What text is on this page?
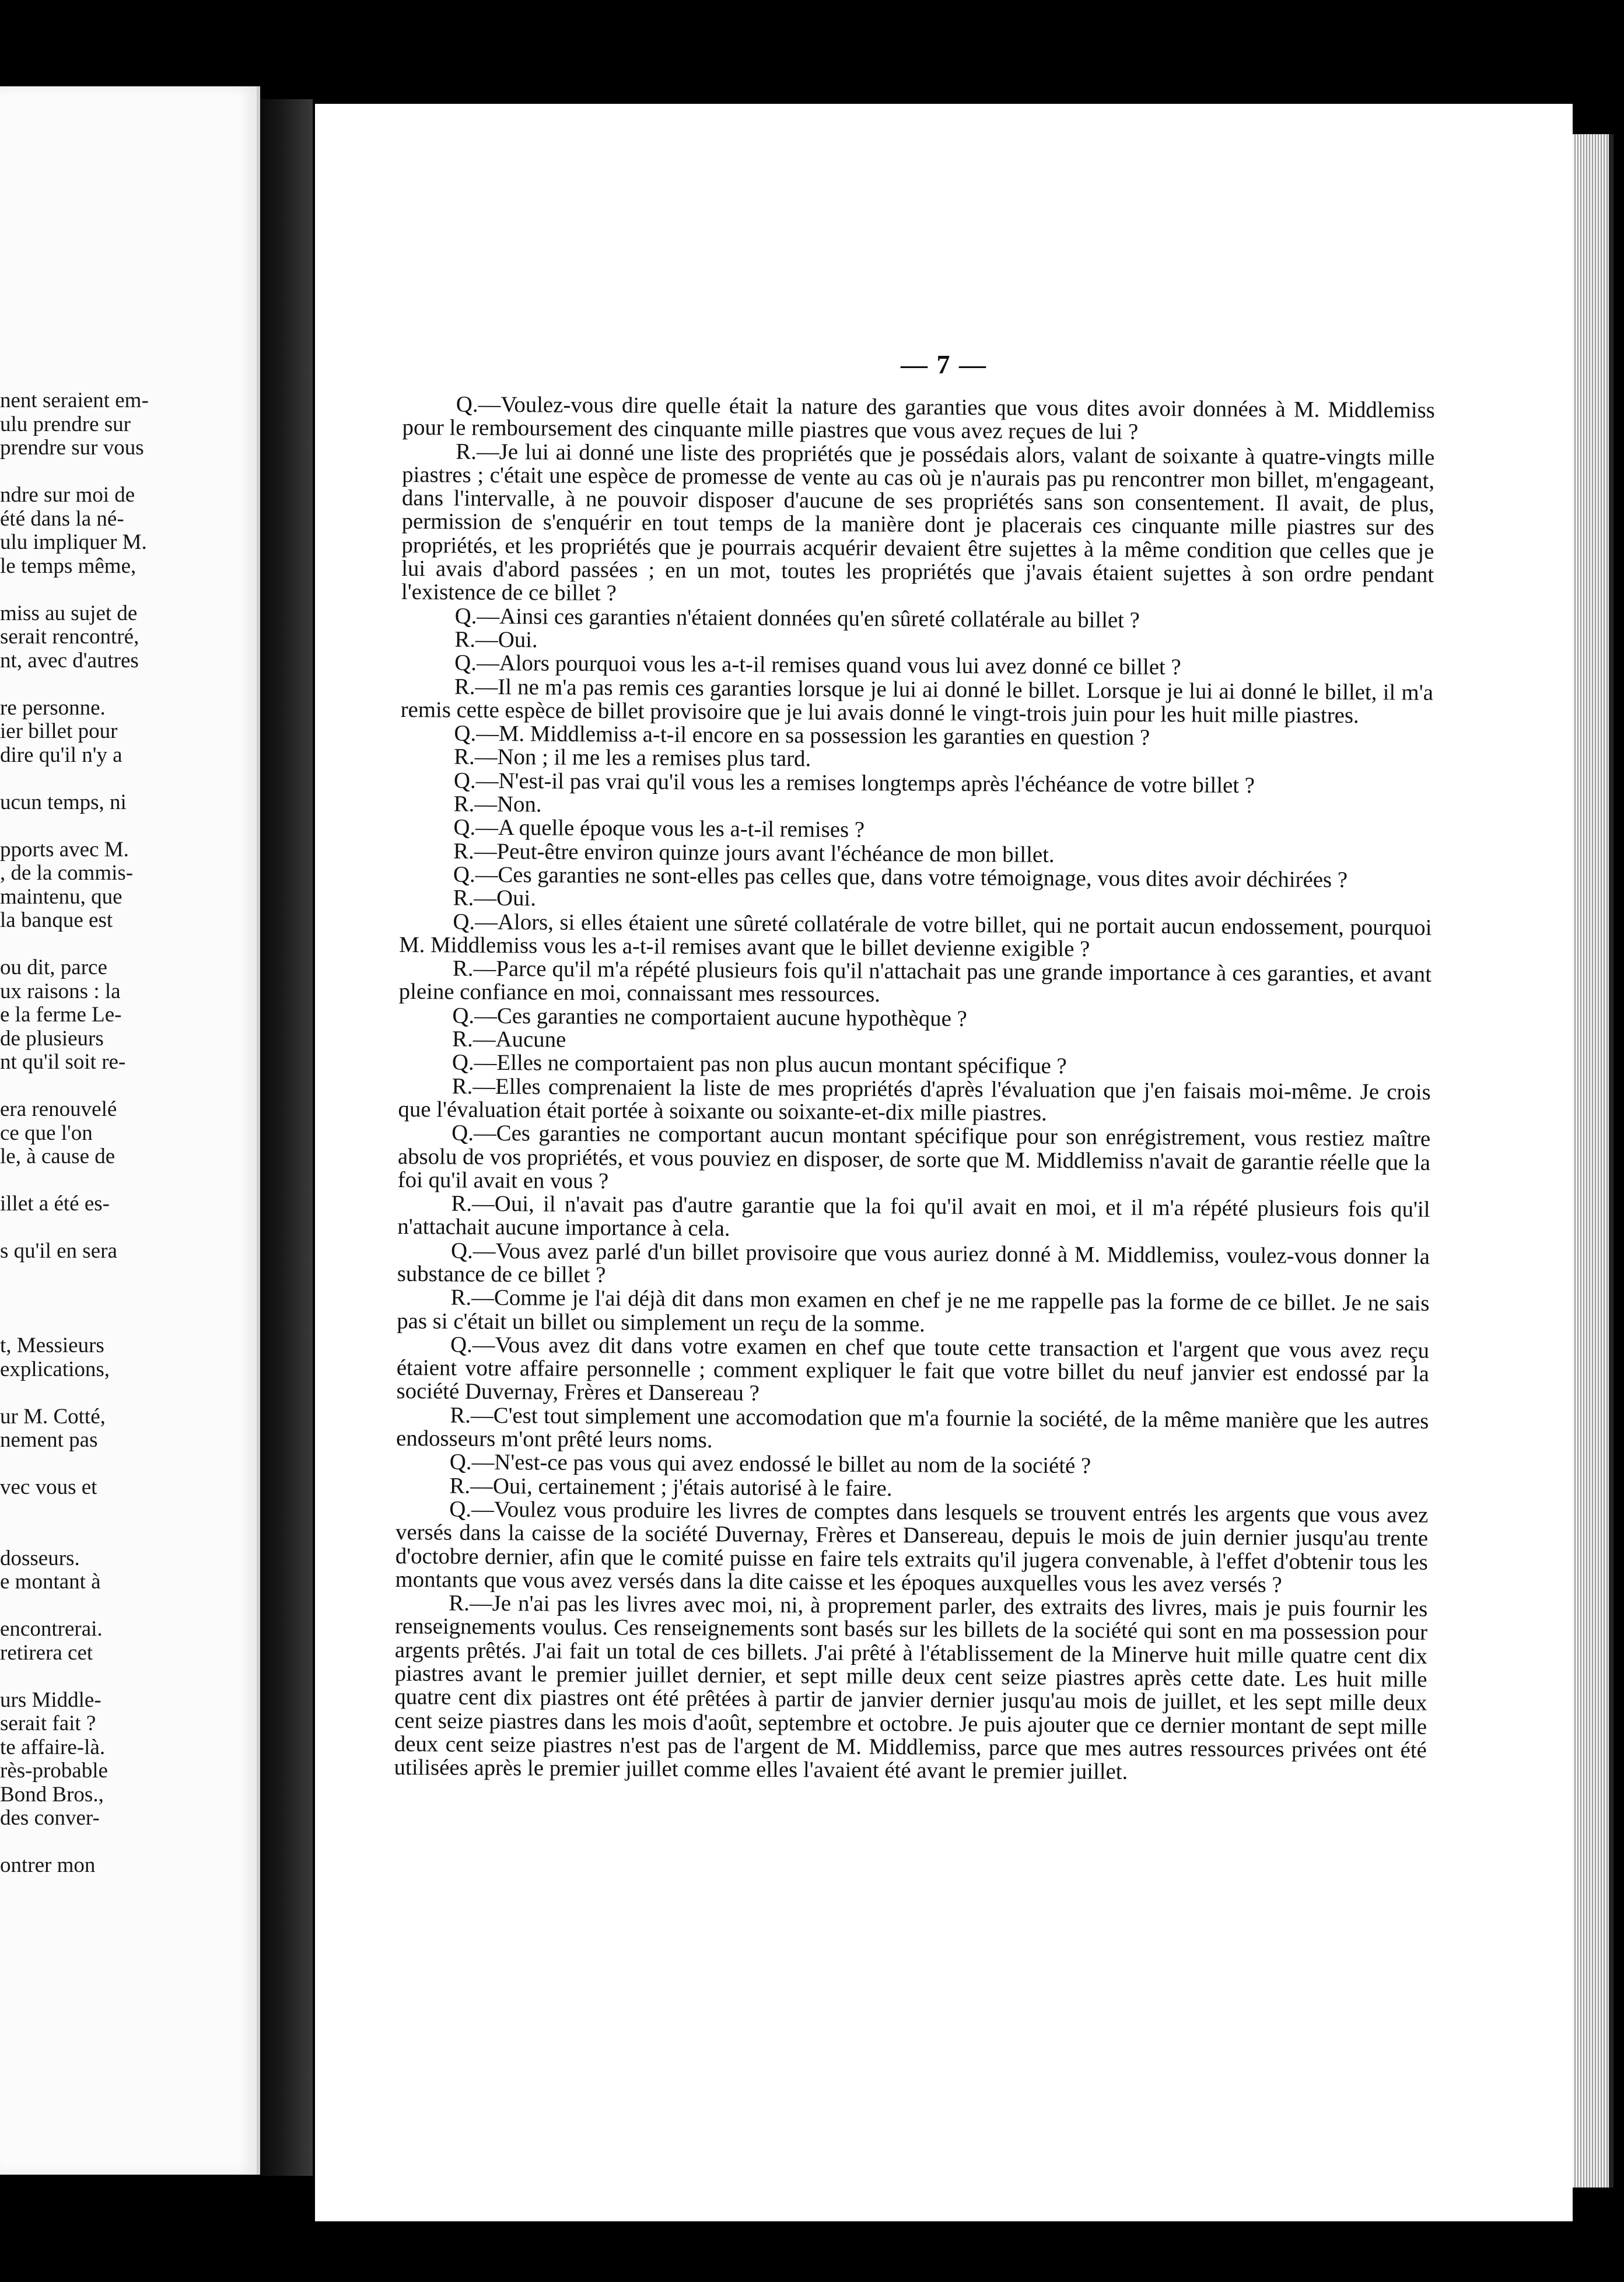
nent seraient em-
ulu prendre sur
prendre sur vous
ndre sur moi de
été dans la né-
ulu impliquer M.
le temps même,
miss au sujet de
serait rencontré,
nt, avec d'autres
re personne.
ier billet pour
dire qu'il n'y a
ucun temps, ni
pports avec M.
, de la commis-
maintenu, que
la banque est
ou dit, parce
ux raisons : la
e la ferme Le-
de plusieurs
nt qu'il soit re-
era renouvelé
ce que l'on
le, à cause de
illet a été es-
s qu'il en sera
t, Messieurs
explications,
ur M. Cotté,
nement pas
vec vous et
dosseurs.
e montant à
encontrerai.
retirera cet
urs Middle-
serait fait ?
te affaire-là.
rès-probable
Bond Bros.,
des conver-
ontrer mon
— 7 —

Q.—Voulez-vous dire quelle était la nature des garanties que vous dites avoir données à M. Middlemiss pour le remboursement des cinquante mille piastres que vous avez reçues de lui ?

R.—Je lui ai donné une liste des propriétés que je possédais alors, valant de soixante à quatre-vingts mille piastres ; c'était une espèce de promesse de vente au cas où je n'aurais pas pu rencontrer mon billet, m'engageant, dans l'intervalle, à ne pouvoir disposer d'aucune de ses propriétés sans son consentement. Il avait, de plus, permission de s'enquérir en tout temps de la manière dont je placerais ces cinquante mille piastres sur des propriétés, et les propriétés que je pourrais acquérir devaient être sujettes à la même condition que celles que je lui avais d'abord passées ; en un mot, toutes les propriétés que j'avais étaient sujettes à son ordre pendant l'existence de ce billet ?

Q.—Ainsi ces garanties n'étaient données qu'en sûreté collatérale au billet ?

R.—Oui.

Q.—Alors pourquoi vous les a-t-il remises quand vous lui avez donné ce billet ?

R.—Il ne m'a pas remis ces garanties lorsque je lui ai donné le billet. Lorsque je lui ai donné le billet, il m'a remis cette espèce de billet provisoire que je lui avais donné le vingt-trois juin pour les huit mille piastres.

Q.—M. Middlemiss a-t-il encore en sa possession les garanties en question ?

R.—Non ; il me les a remises plus tard.

Q.—N'est-il pas vrai qu'il vous les a remises longtemps après l'échéance de votre billet ?

R.—Non.

Q.—A quelle époque vous les a-t-il remises ?

R.—Peut-être environ quinze jours avant l'échéance de mon billet.

Q.—Ces garanties ne sont-elles pas celles que, dans votre témoignage, vous dites avoir déchirées ?

R.—Oui.

Q.—Alors, si elles étaient une sûreté collatérale de votre billet, qui ne portait aucun endossement, pourquoi M. Middlemiss vous les a-t-il remises avant que le billet devienne exigible ?

R.—Parce qu'il m'a répété plusieurs fois qu'il n'attachait pas une grande importance à ces garanties, et avant pleine confiance en moi, connaissant mes ressources.

Q.—Ces garanties ne comportaient aucune hypothèque ?

R.—Aucune

Q.—Elles ne comportaient pas non plus aucun montant spécifique ?

R.—Elles comprenaient la liste de mes propriétés d'après l'évaluation que j'en faisais moi-même. Je crois que l'évaluation était portée à soixante ou soixante-et-dix mille piastres.

Q.—Ces garanties ne comportant aucun montant spécifique pour son enrégistrement, vous restiez maître absolu de vos propriétés, et vous pouviez en disposer, de sorte que M. Middlemiss n'avait de garantie réelle que la foi qu'il avait en vous ?

R.—Oui, il n'avait pas d'autre garantie que la foi qu'il avait en moi, et il m'a répété plusieurs fois qu'il n'attachait aucune importance à cela.

Q.—Vous avez parlé d'un billet provisoire que vous auriez donné à M. Middlemiss, voulez-vous donner la substance de ce billet ?

R.—Comme je l'ai déjà dit dans mon examen en chef je ne me rappelle pas la forme de ce billet. Je ne sais pas si c'était un billet ou simplement un reçu de la somme.

Q.—Vous avez dit dans votre examen en chef que toute cette transaction et l'argent que vous avez reçu étaient votre affaire personnelle ; comment expliquer le fait que votre billet du neuf janvier est endossé par la société Duvernay, Frères et Dansereau ?

R.—C'est tout simplement une accomodation que m'a fournie la société, de la même manière que les autres endosseurs m'ont prêté leurs noms.

Q.—N'est-ce pas vous qui avez endossé le billet au nom de la société ?

R.—Oui, certainement ; j'étais autorisé à le faire.

Q.—Voulez vous produire les livres de comptes dans lesquels se trouvent entrés les argents que vous avez versés dans la caisse de la société Duvernay, Frères et Dansereau, depuis le mois de juin dernier jusqu'au trente d'octobre dernier, afin que le comité puisse en faire tels extraits qu'il jugera convenable, à l'effet d'obtenir tous les montants que vous avez versés dans la dite caisse et les époques auxquelles vous les avez versés ?

R.—Je n'ai pas les livres avec moi, ni, à proprement parler, des extraits des livres, mais je puis fournir les renseignements voulus. Ces renseignements sont basés sur les billets de la société qui sont en ma possession pour argents prêtés. J'ai fait un total de ces billets. J'ai prêté à l'établissement de la Minerve huit mille quatre cent dix piastres avant le premier juillet dernier, et sept mille deux cent seize piastres après cette date. Les huit mille quatre cent dix piastres ont été prêtées à partir de janvier dernier jusqu'au mois de juillet, et les sept mille deux cent seize piastres dans les mois d'août, septembre et octobre. Je puis ajouter que ce dernier montant de sept mille deux cent seize piastres n'est pas de l'argent de M. Middlemiss, parce que mes autres ressources privées ont été utilisées après le premier juillet comme elles l'avaient été avant le premier juillet.
